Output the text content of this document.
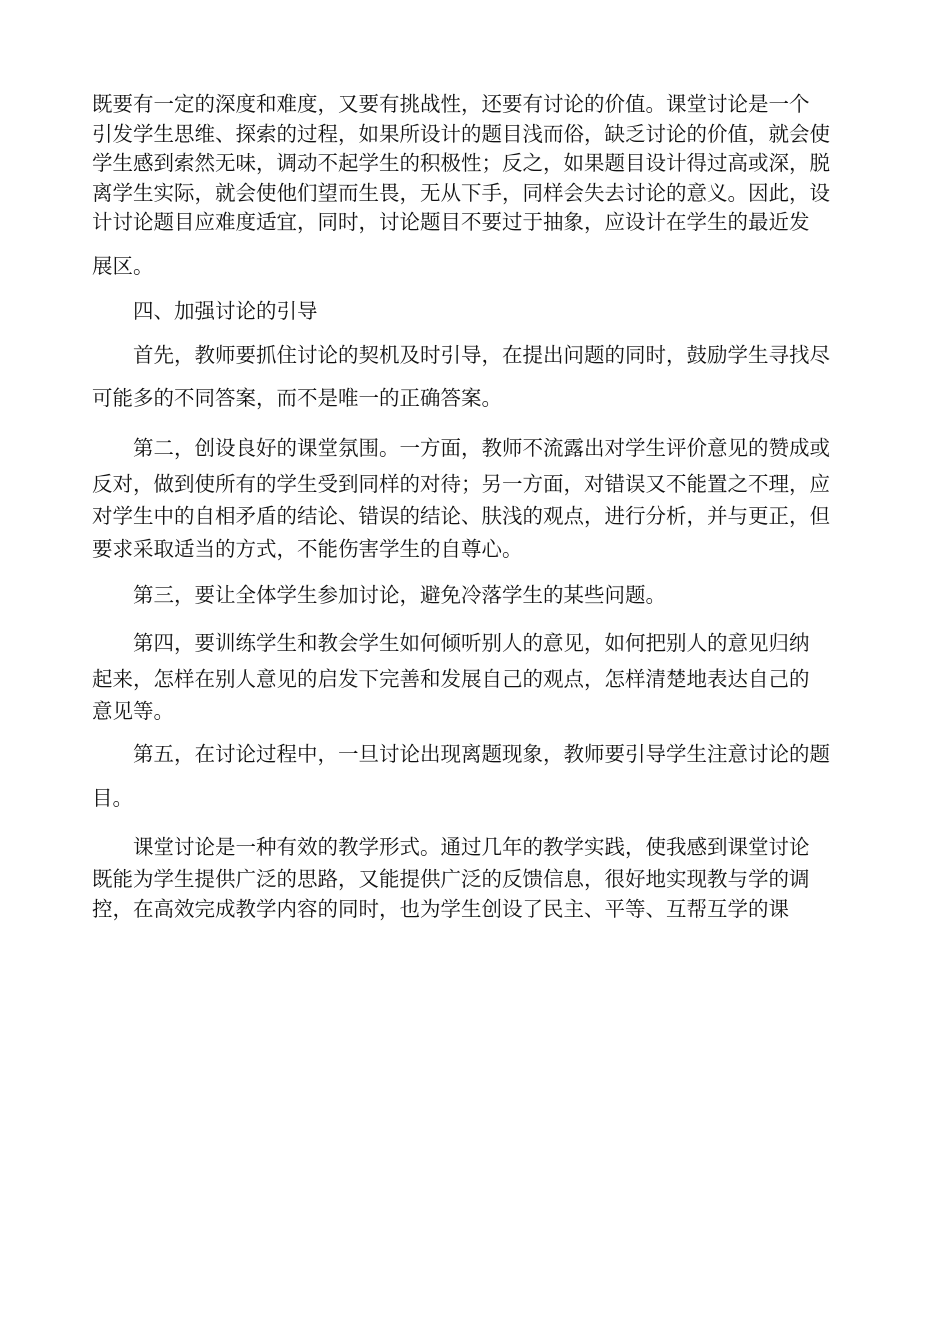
既要有一定的深度和难度，又要有挑战性，还要有讨论的价值。课堂讨论是一个

引发学生思维、探索的过程，如果所设计的题目浅而俗，缺乏讨论的价值，就会使

学生感到索然无味，调动不起学生的积极性；反之，如果题目设计得过高或深，脱

离学生实际，就会使他们望而生畏，无从下手，同样会失去讨论的意义。因此，设

计讨论题目应难度适宜，同时，讨论题目不要过于抽象，应设计在学生的最近发

展区。

四、加强讨论的引导

首先，教师要抓住讨论的契机及时引导，在提出问题的同时，鼓励学生寻找尽

可能多的不同答案，而不是唯一的正确答案。

第二，创设良好的课堂氛围。一方面，教师不流露出对学生评价意见的赞成或

反对，做到使所有的学生受到同样的对待；另一方面，对错误又不能置之不理，应

对学生中的自相矛盾的结论、错误的结论、肤浅的观点，进行分析，并与更正，但

要求采取适当的方式，不能伤害学生的自尊心。

第三，要让全体学生参加讨论，避免冷落学生的某些问题。

第四，要训练学生和教会学生如何倾听别人的意见，如何把别人的意见归纳

起来，怎样在别人意见的启发下完善和发展自己的观点，怎样清楚地表达自己的

意见等。

第五，在讨论过程中，一旦讨论出现离题现象，教师要引导学生注意讨论的题

目。

课堂讨论是一种有效的教学形式。通过几年的教学实践，使我感到课堂讨论

既能为学生提供广泛的思路，又能提供广泛的反馈信息，很好地实现教与学的调

控，在高效完成教学内容的同时，也为学生创设了民主、平等、互帮互学的课
